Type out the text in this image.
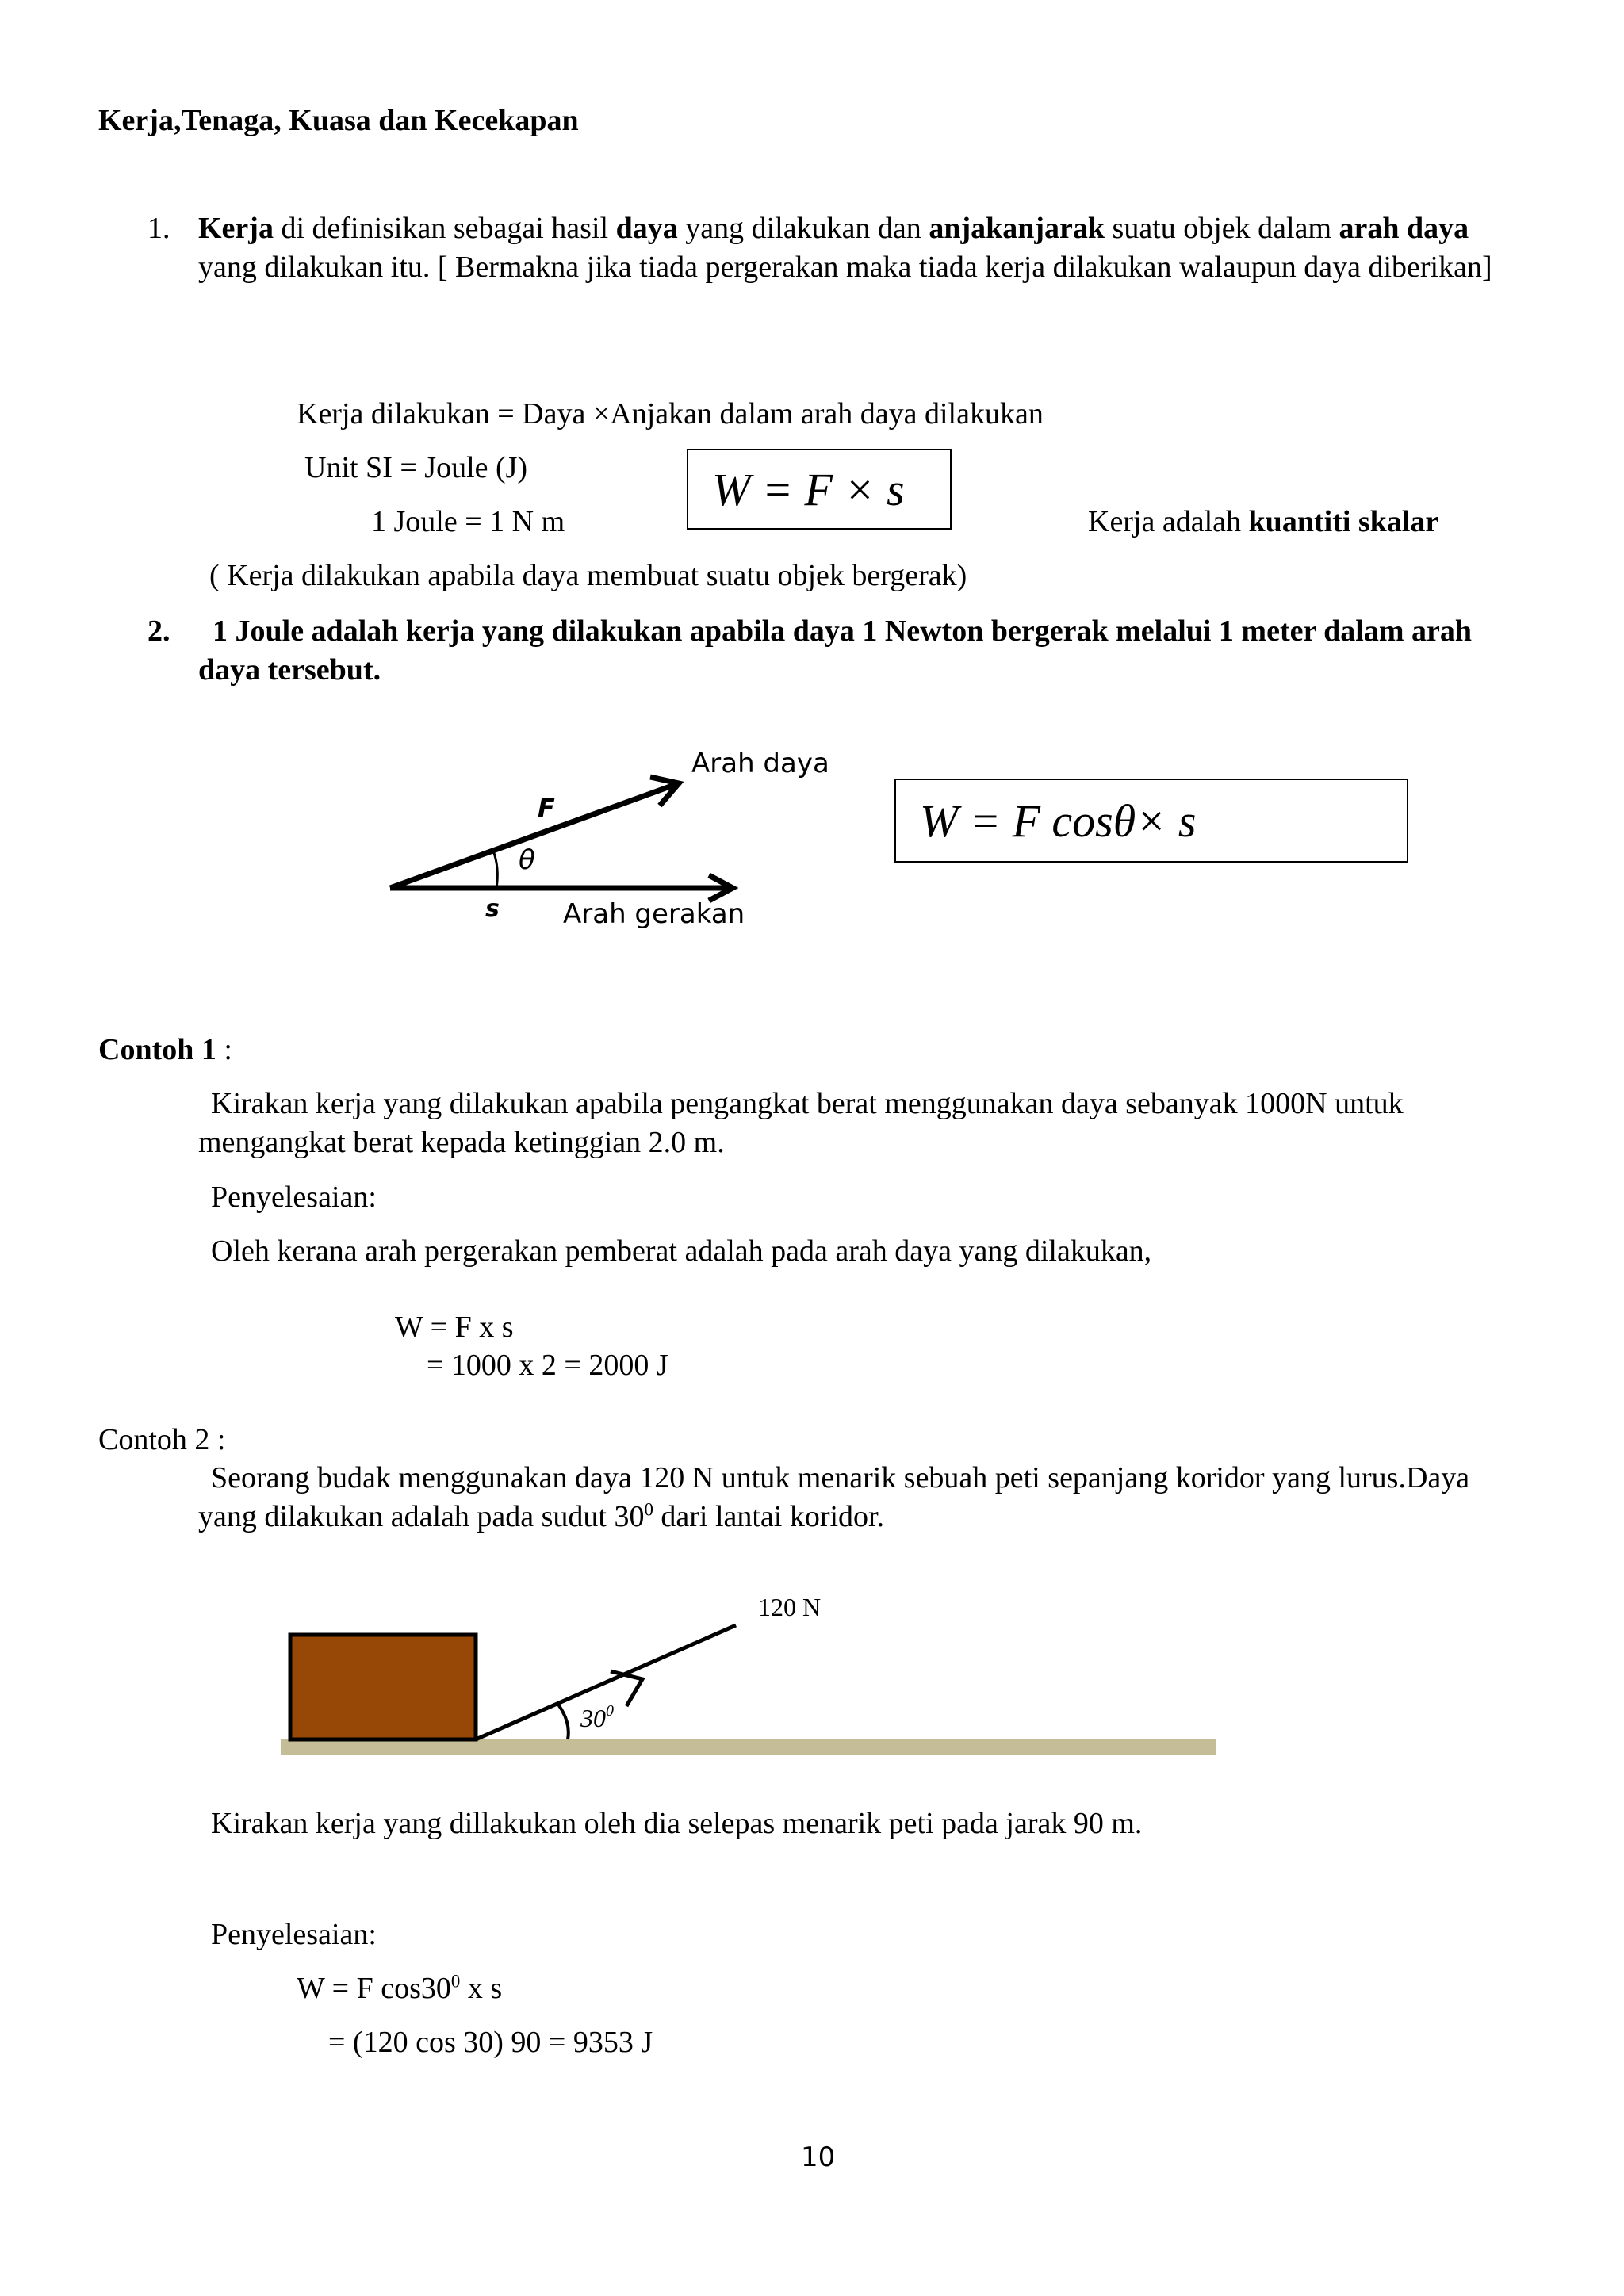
Kerja,Tenaga, Kuasa dan Kecekapan
1. Kerja di definisikan sebagai hasil daya yang dilakukan dan anjakanjarak suatu objek dalam arah daya yang dilakukan itu. [ Bermakna jika tiada pergerakan maka tiada kerja dilakukan walaupun daya diberikan]
Kerja dilakukan = Daya ×Anjakan dalam arah daya dilakukan
Unit SI = Joule (J)
1 Joule = 1 N m
W = F × s
Kerja adalah kuantiti skalar
( Kerja dilakukan apabila daya membuat suatu objek bergerak)
2.	1 Joule adalah kerja yang dilakukan apabila daya 1 Newton bergerak melalui 1 meter dalam arah    daya tersebut.
Arah daya
F
θ
s Arah gerakan
W = F cosθ× s
Contoh 1 :
Kirakan kerja yang dilakukan apabila pengangkat berat menggunakan daya sebanyak 1000N untuk mengangkat berat kepada ketinggian 2.0 m.
Penyelesaian:
Oleh kerana arah pergerakan pemberat adalah pada arah daya yang dilakukan,
W = F x s
= 1000 x 2 = 2000 J
Contoh 2 :
Seorang budak menggunakan daya 120 N untuk menarik sebuah peti sepanjang koridor yang lurus.Daya yang dilakukan adalah pada sudut $30^0$ dari lantai koridor.
120 N
$30^0$
Kirakan kerja yang dillakukan oleh dia selepas menarik peti pada jarak 90 m.
Penyelesaian:
W = F $\cos 30^0$ x s
= (120 cos 30) 90 = 9353 J
10
